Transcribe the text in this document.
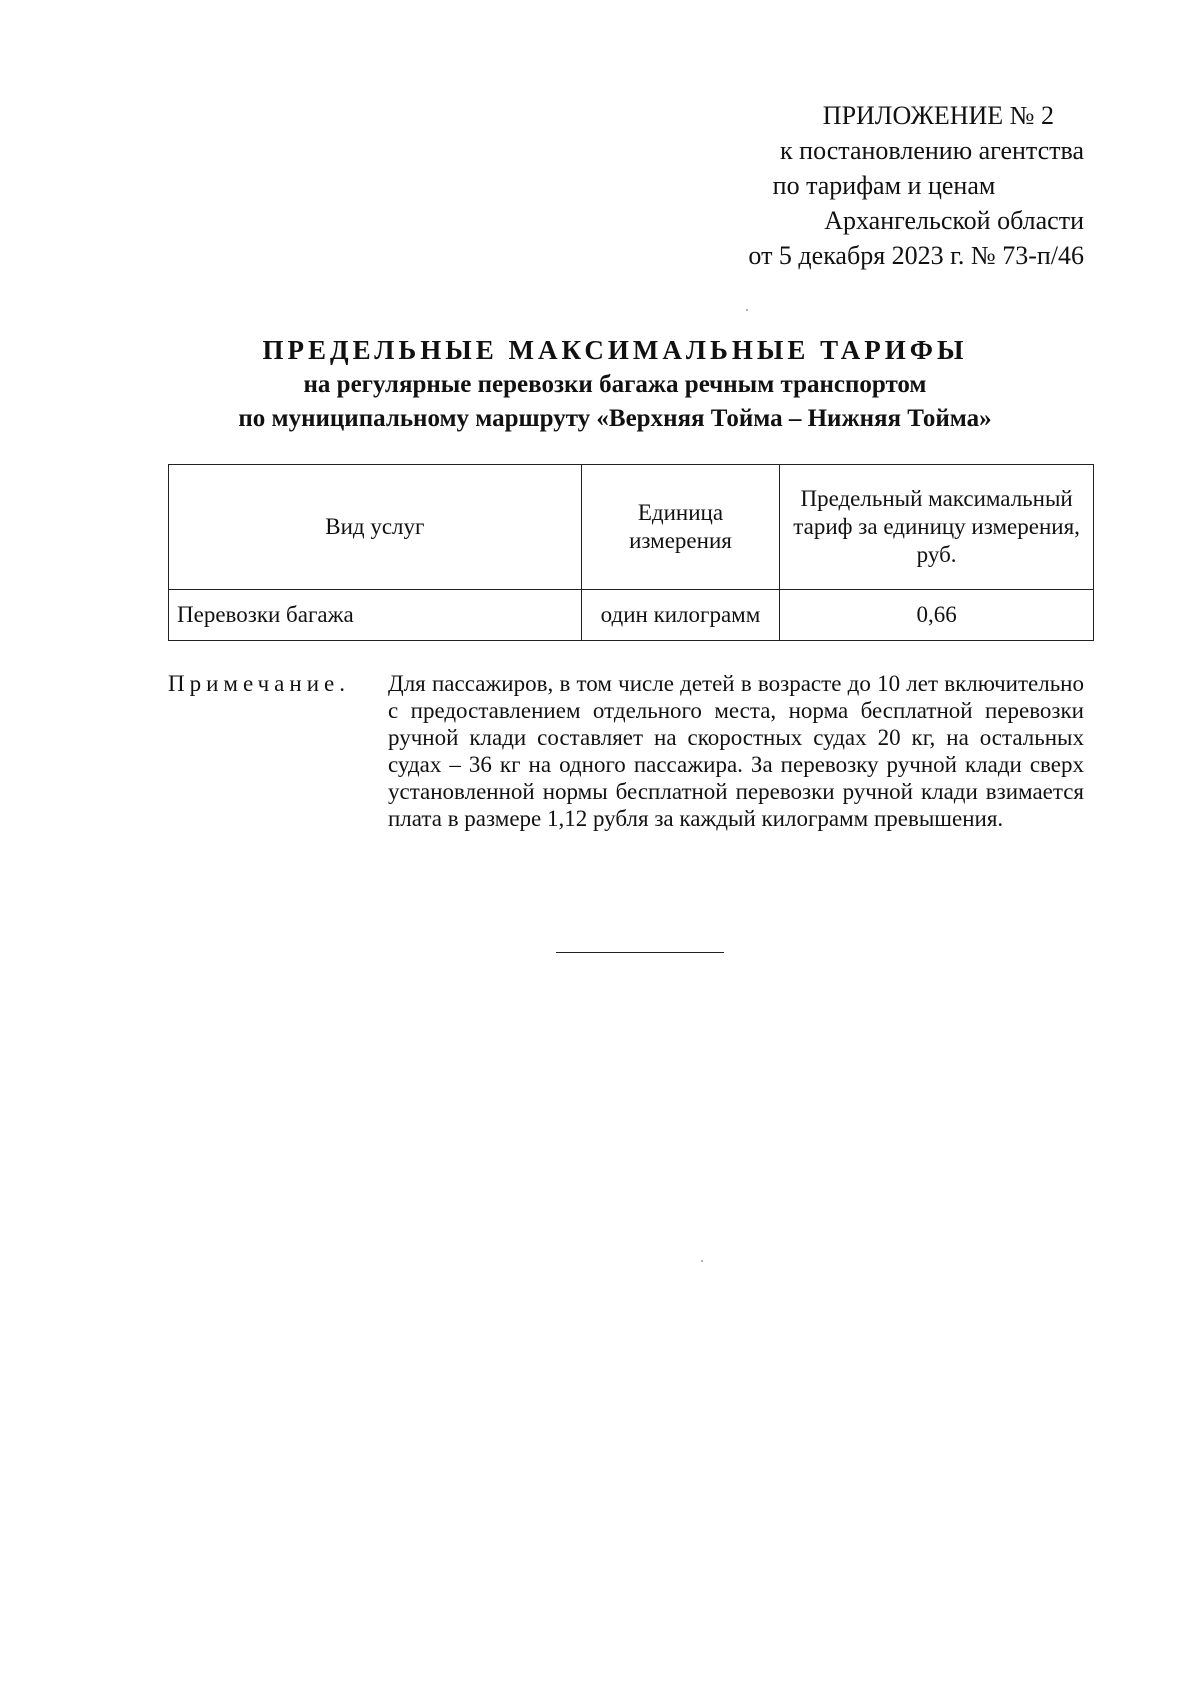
ПРИЛОЖЕНИЕ № 2
к постановлению агентства
по тарифам и ценам
Архангельской области
от 5 декабря 2023 г. № 73-п/46
ПРЕДЕЛЬНЫЕ МАКСИМАЛЬНЫЕ ТАРИФЫ
на регулярные перевозки багажа речным транспортом
по муниципальному маршруту «Верхняя Тойма – Нижняя Тойма»
Вид услуг	Единица измерения	Предельный максимальный тариф за единицу измерения, руб.
Перевозки багажа	один килограмм	0,66
Примечание. Для пассажиров, в том числе детей в возрасте до 10 лет включительно с предоставлением отдельного места, норма бесплатной перевозки ручной клади составляет на скоростных судах 20 кг, на остальных судах – 36 кг на одного пассажира. За перевозку ручной клади сверх установленной нормы бесплатной перевозки ручной клади взимается плата в размере 1,12 рубля за каждый килограмм превышения.
